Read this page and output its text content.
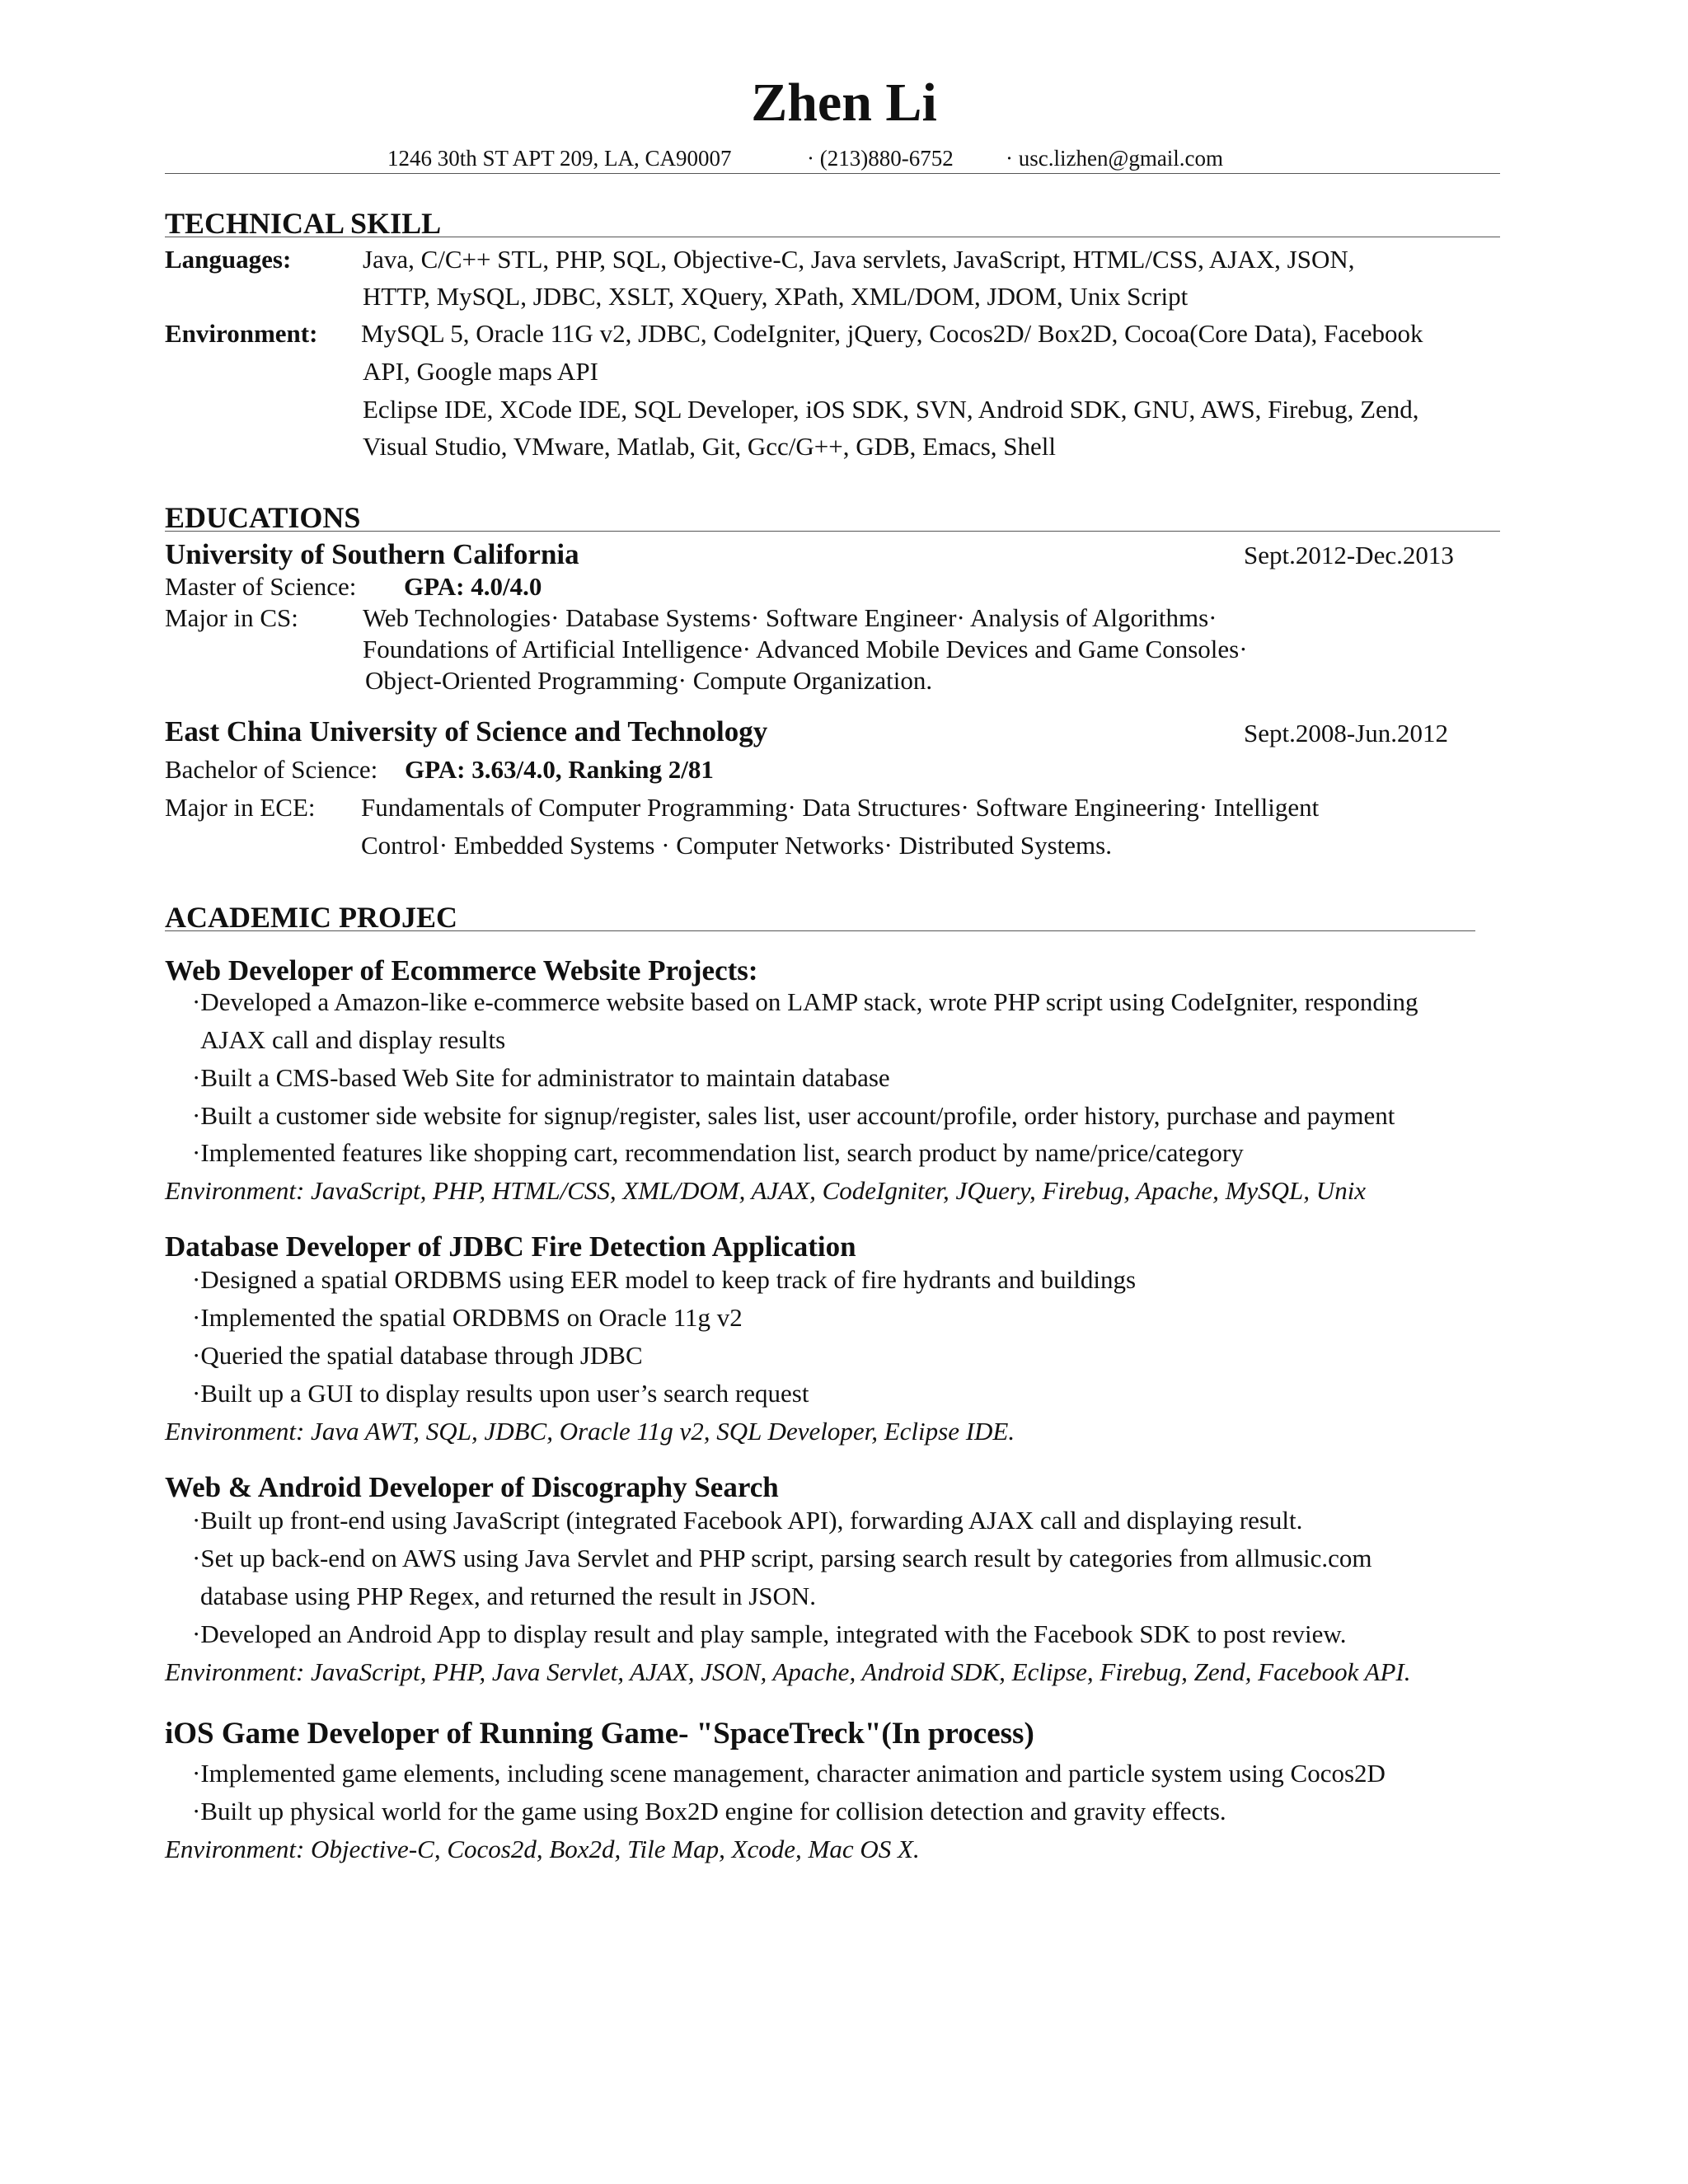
Zhen Li
1246 30th ST APT 209, LA, CA90007	· (213)880-6752 · usc.lizhen@gmail.com
TECHNICAL SKILL
Languages:	Java, C/C++ STL, PHP, SQL, Objective-C, Java servlets, JavaScript, HTML/CSS, AJAX, JSON,
HTTP, MySQL, JDBC, XSLT, XQuery, XPath, XML/DOM, JDOM, Unix Script
Environment: MySQL 5, Oracle 11G v2, JDBC, CodeIgniter, jQuery, Cocos2D/ Box2D, Cocoa(Core Data), Facebook
API, Google maps API
Eclipse IDE, XCode IDE, SQL Developer, iOS SDK, SVN, Android SDK, GNU, AWS, Firebug, Zend,
Visual Studio, VMware, Matlab, Git, Gcc/G++, GDB, Emacs, Shell
EDUCATIONS
University of Southern California	Sept.2012-Dec.2013
Master of Science: GPA: 4.0/4.0
Major in CS:	Web Technologies· Database Systems· Software Engineer· Analysis of Algorithms·
Foundations of Artificial Intelligence· Advanced Mobile Devices and Game Consoles·
Object-Oriented Programming· Compute Organization.
East China University of Science and Technology	Sept.2008-Jun.2012
Bachelor of Science: GPA: 3.63/4.0, Ranking 2/81
Major in ECE: Fundamentals of Computer Programming· Data Structures· Software Engineering· Intelligent
Control· Embedded Systems · Computer Networks· Distributed Systems.
ACADEMIC PROJEC
Web Developer of Ecommerce Website Projects:
·Developed a Amazon-like e-commerce website based on LAMP stack, wrote PHP script using CodeIgniter, responding
AJAX call and display results
·Built a CMS-based Web Site for administrator to maintain database
·Built a customer side website for signup/register, sales list, user account/profile, order history, purchase and payment
·Implemented features like shopping cart, recommendation list, search product by name/price/category
Environment: JavaScript, PHP, HTML/CSS, XML/DOM, AJAX, CodeIgniter, JQuery, Firebug, Apache, MySQL, Unix
Database Developer of JDBC Fire Detection Application
·Designed a spatial ORDBMS using EER model to keep track of fire hydrants and buildings
·Implemented the spatial ORDBMS on Oracle 11g v2
·Queried the spatial database through JDBC
·Built up a GUI to display results upon user’s search request
Environment: Java AWT, SQL, JDBC, Oracle 11g v2, SQL Developer, Eclipse IDE.
Web & Android Developer of Discography Search
·Built up front-end using JavaScript (integrated Facebook API), forwarding AJAX call and displaying result.
·Set up back-end on AWS using Java Servlet and PHP script, parsing search result by categories from allmusic.com
database using PHP Regex, and returned the result in JSON.
·Developed an Android App to display result and play sample, integrated with the Facebook SDK to post review.
Environment: JavaScript, PHP, Java Servlet, AJAX, JSON, Apache, Android SDK, Eclipse, Firebug, Zend, Facebook API.
iOS Game Developer of Running Game- "SpaceTreck"(In process)
·Implemented game elements, including scene management, character animation and particle system using Cocos2D
·Built up physical world for the game using Box2D engine for collision detection and gravity effects.
Environment: Objective-C, Cocos2d, Box2d, Tile Map, Xcode, Mac OS X.
